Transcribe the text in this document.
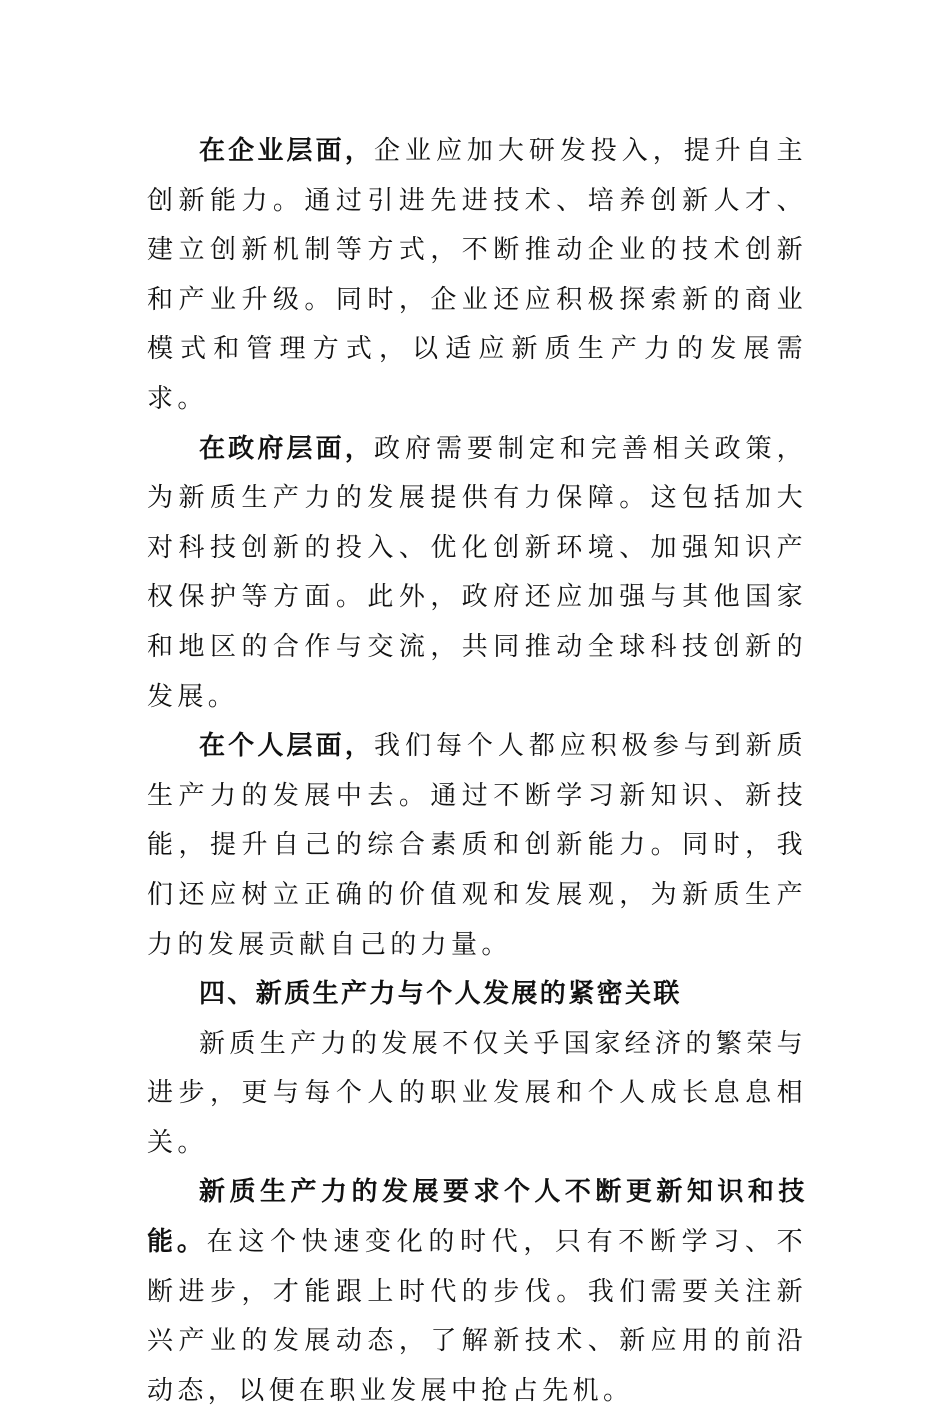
在企业层面，企业应加大研发投入，提升自主创新能力。通过引进先进技术、培养创新人才、建立创新机制等方式，不断推动企业的技术创新和产业升级。同时，企业还应积极探索新的商业模式和管理方式，以适应新质生产力的发展需求。

在政府层面，政府需要制定和完善相关政策，为新质生产力的发展提供有力保障。这包括加大对科技创新的投入、优化创新环境、加强知识产权保护等方面。此外，政府还应加强与其他国家和地区的合作与交流，共同推动全球科技创新的发展。

在个人层面，我们每个人都应积极参与到新质生产力的发展中去。通过不断学习新知识、新技能，提升自己的综合素质和创新能力。同时，我们还应树立正确的价值观和发展观，为新质生产力的发展贡献自己的力量。

四、新质生产力与个人发展的紧密关联

新质生产力的发展不仅关乎国家经济的繁荣与进步，更与每个人的职业发展和个人成长息息相关。

新质生产力的发展要求个人不断更新知识和技能。在这个快速变化的时代，只有不断学习、不断进步，才能跟上时代的步伐。我们需要关注新兴产业的发展动态，了解新技术、新应用的前沿动态，以便在职业发展中抢占先机。
